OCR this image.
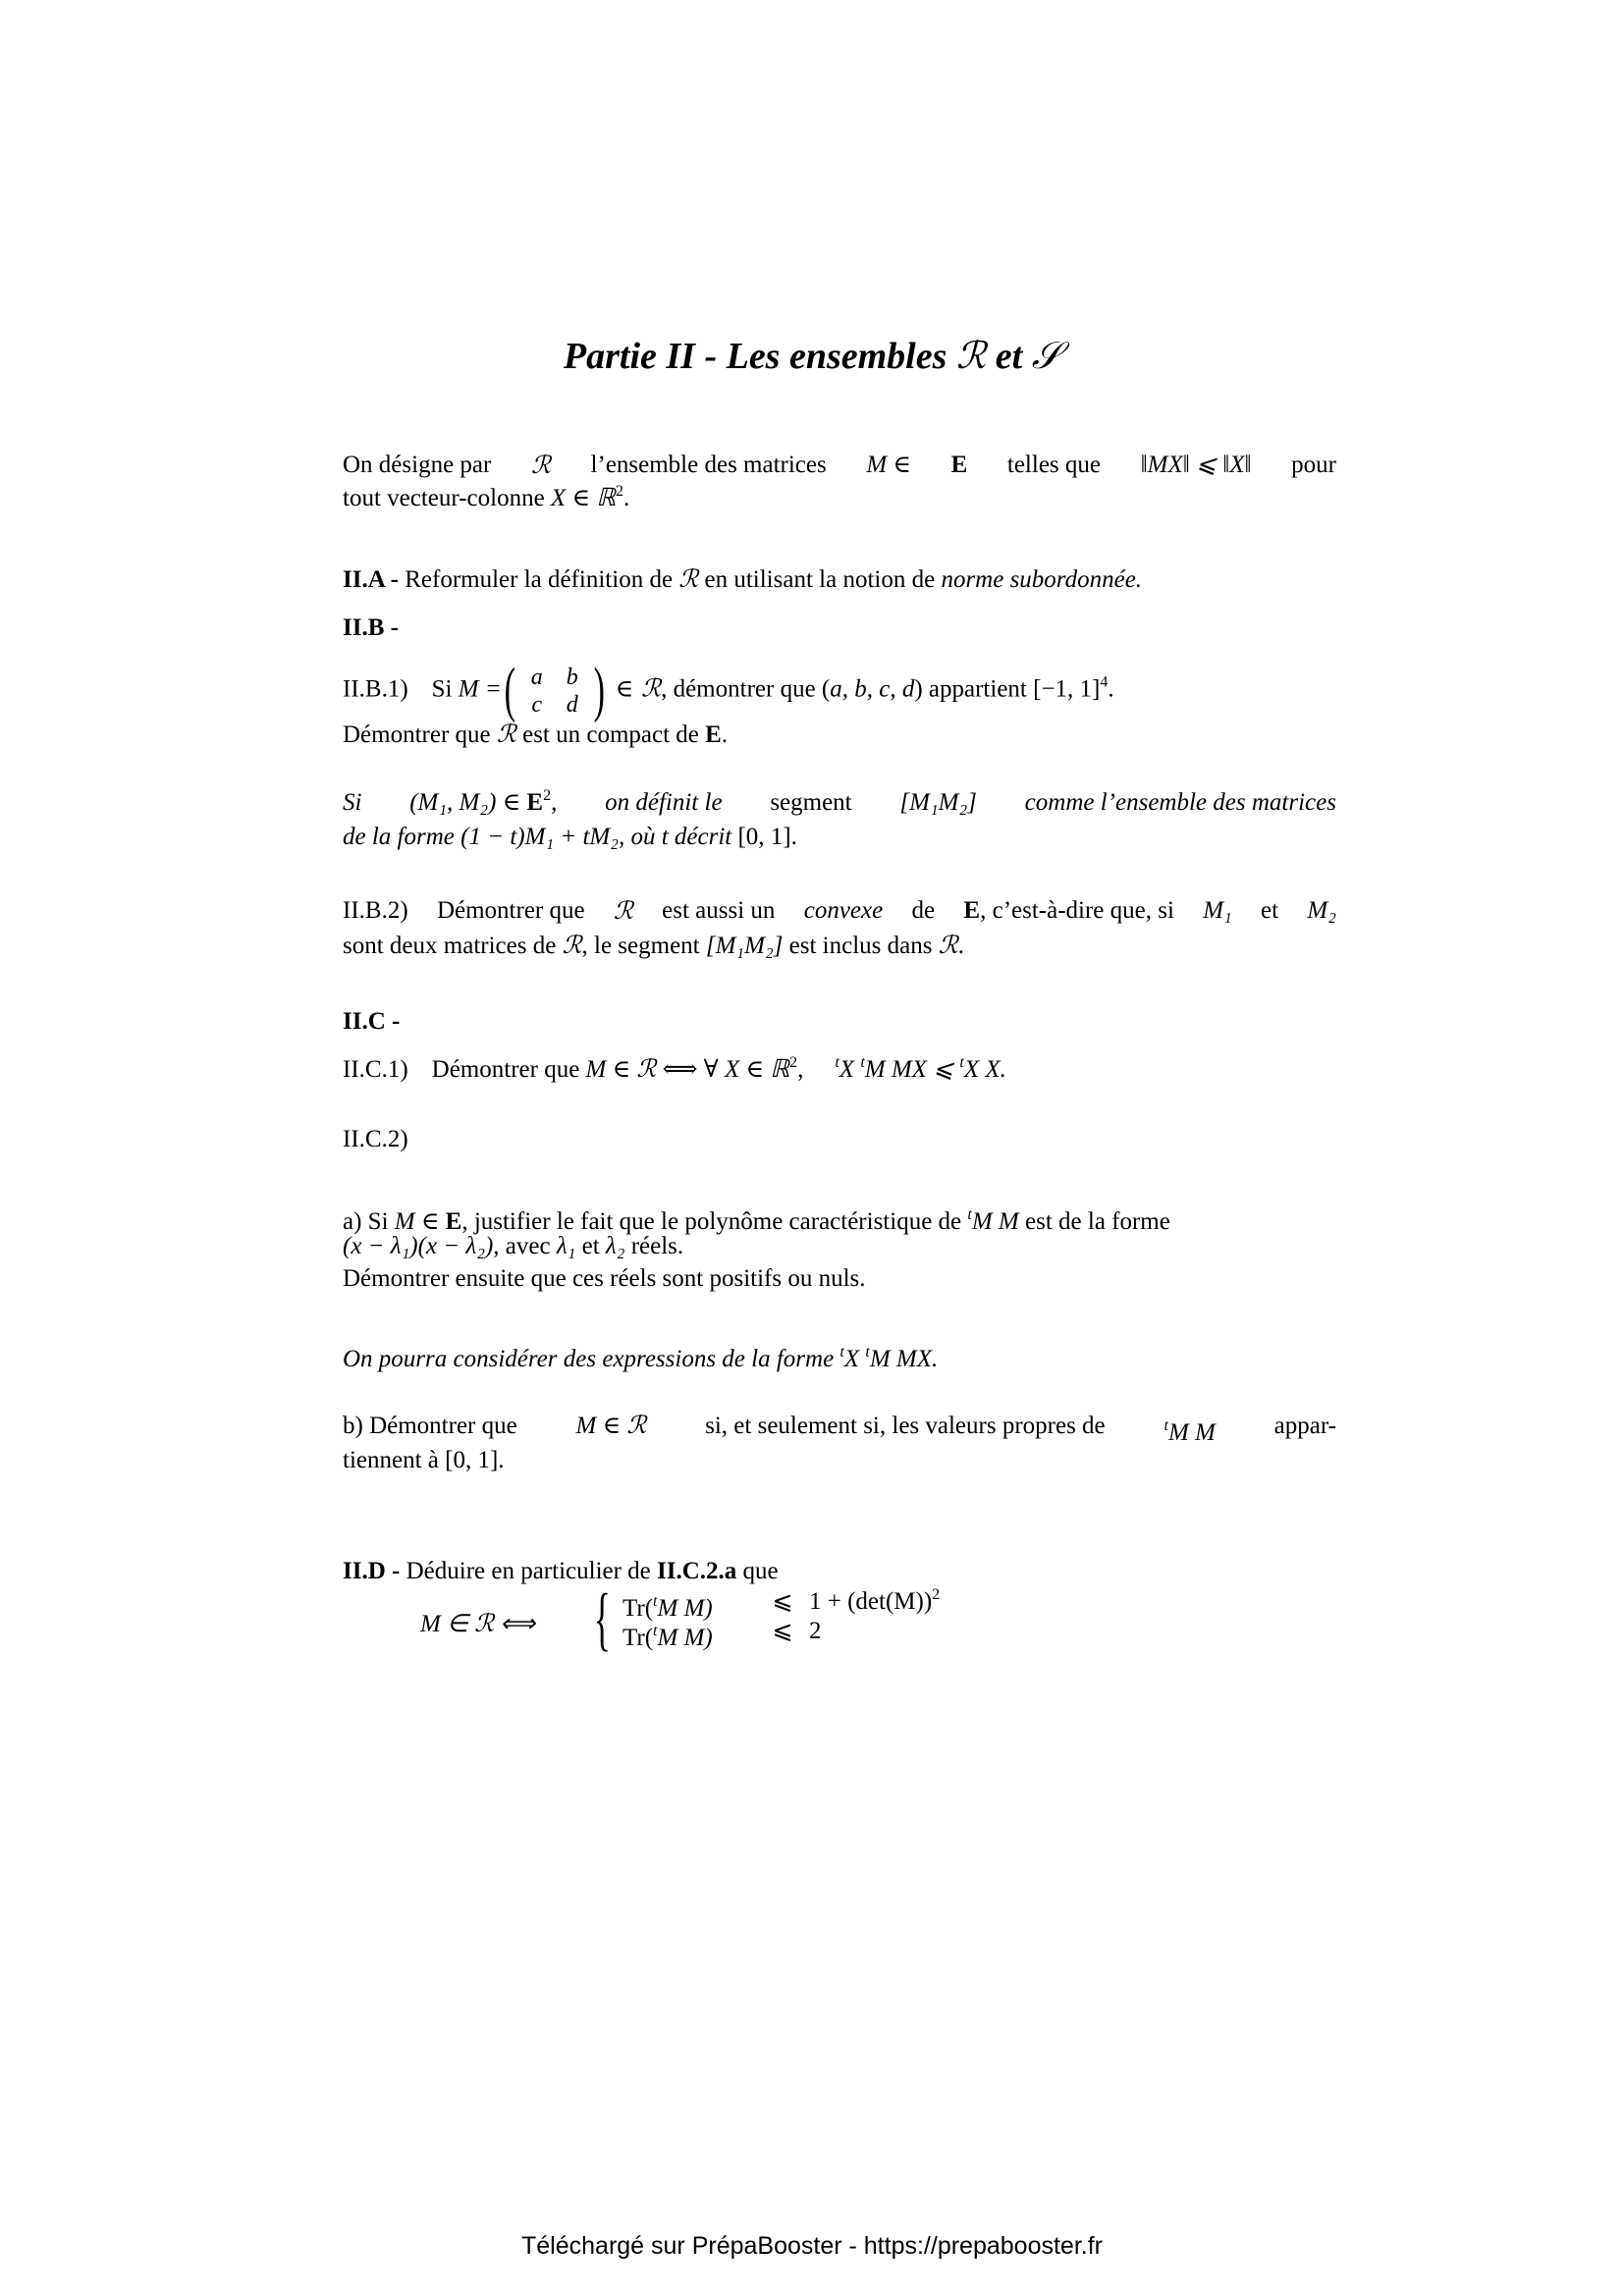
Partie II - Les ensembles ℛ et 𝒮
On désigne par ℛ l’ensemble des matrices M ∈ E telles que ‖MX‖ ⩽ ‖X‖ pour
tout vecteur-colonne X ∈ ℝ$^2$.
II.A - Reformuler la définition de ℛ en utilisant la notion de norme subordonnée.
II.B -
II.B.1) Si M = ( a	b
c	d ) ∈ ℛ, démontrer que (a, b, c, d) appartient [−1, 1]$^4$.
Démontrer que ℛ est un compact de E.
Si (M₁, M₂) ∈ $E^2$, on définit le segment [M₁M₂] comme l’ensemble des matrices
de la forme (1 − t)M₁ + tM₂, où t décrit [0, 1].
II.B.2) Démontrer que ℛ est aussi un convexe de E, c’est-à-dire que, si M₁ et M₂
sont deux matrices de ℛ, le segment [M₁M₂] est inclus dans ℛ.
II.C -
II.C.1) Démontrer que M ∈ ℛ ⟺ ∀ X ∈ ℝ$^2$, $^t$X $^t$M MX ⩽ $^t$X X.
II.C.2)
a) Si M ∈ E, justifier le fait que le polynôme caractéristique de $^t$M M est de la forme
(x − λ₁)(x − λ₂), avec λ₁ et λ₂ réels.
Démontrer ensuite que ces réels sont positifs ou nuls.
On pourra considérer des expressions de la forme $^t$X $^t$M MX.
b) Démontrer que M ∈ ℛ si, et seulement si, les valeurs propres de	$^t$M M appar-
tiennent à [0, 1].
II.D - Déduire en particulier de II.C.2.a que
M ∈ ℛ ⟺ { Tr($^t$M M)	⩽ $1 + (\det(M))^2$
Tr($^t$M M)	⩽ 2
Téléchargé sur PrépaBooster - https://prepabooster.fr
